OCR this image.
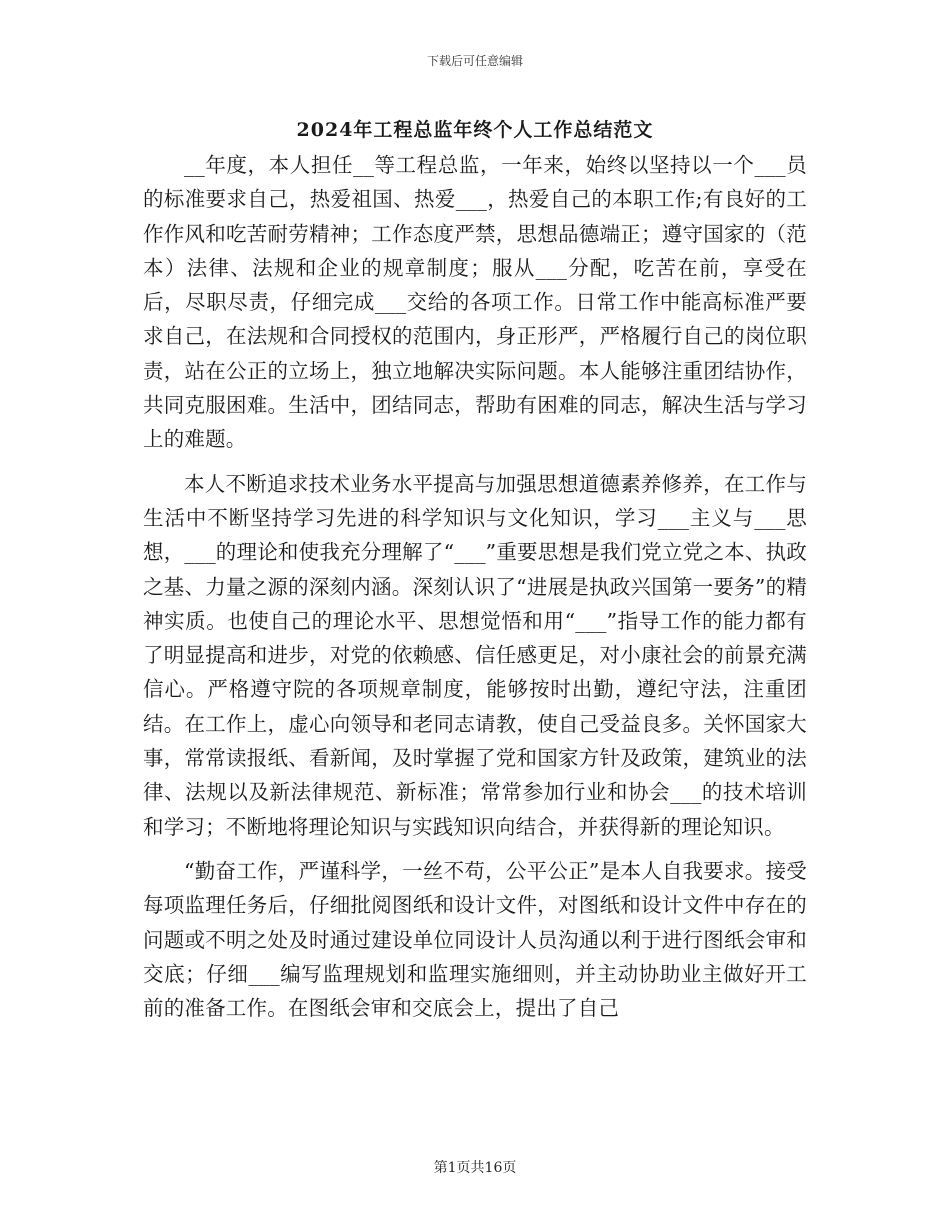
下载后可任意编辑
2024年工程总监年终个人工作总结范文

__年度，本人担任__等工程总监，一年来，始终以坚持以一个___员的标准要求自己，热爱祖国、热爱___，热爱自己的本职工作;有良好的工作作风和吃苦耐劳精神；工作态度严禁，思想品德端正；遵守国家的（范本）法律、法规和企业的规章制度；服从___分配，吃苦在前，享受在后，尽职尽责，仔细完成___交给的各项工作。日常工作中能高标准严要求自己，在法规和合同授权的范围内，身正形严，严格履行自己的岗位职责，站在公正的立场上，独立地解决实际问题。本人能够注重团结协作，共同克服困难。生活中，团结同志，帮助有困难的同志，解决生活与学习上的难题。

本人不断追求技术业务水平提高与加强思想道德素养修养，在工作与生活中不断坚持学习先进的科学知识与文化知识，学习___主义与___思想，___的理论和使我充分理解了“___”重要思想是我们党立党之本、执政之基、力量之源的深刻内涵。深刻认识了“进展是执政兴国第一要务”的精神实质。也使自己的理论水平、思想觉悟和用“___”指导工作的能力都有了明显提高和进步，对党的依赖感、信任感更足，对小康社会的前景充满信心。严格遵守院的各项规章制度，能够按时出勤，遵纪守法，注重团结。在工作上，虚心向领导和老同志请教，使自己受益良多。关怀国家大事，常常读报纸、看新闻，及时掌握了党和国家方针及政策，建筑业的法律、法规以及新法律规范、新标准；常常参加行业和协会___的技术培训和学习；不断地将理论知识与实践知识向结合，并获得新的理论知识。

“勤奋工作，严谨科学，一丝不苟，公平公正”是本人自我要求。接受每项监理任务后，仔细批阅图纸和设计文件，对图纸和设计文件中存在的问题或不明之处及时通过建设单位同设计人员沟通以利于进行图纸会审和交底；仔细___编写监理规划和监理实施细则，并主动协助业主做好开工前的准备工作。在图纸会审和交底会上，提出了自己

第1页共16页
